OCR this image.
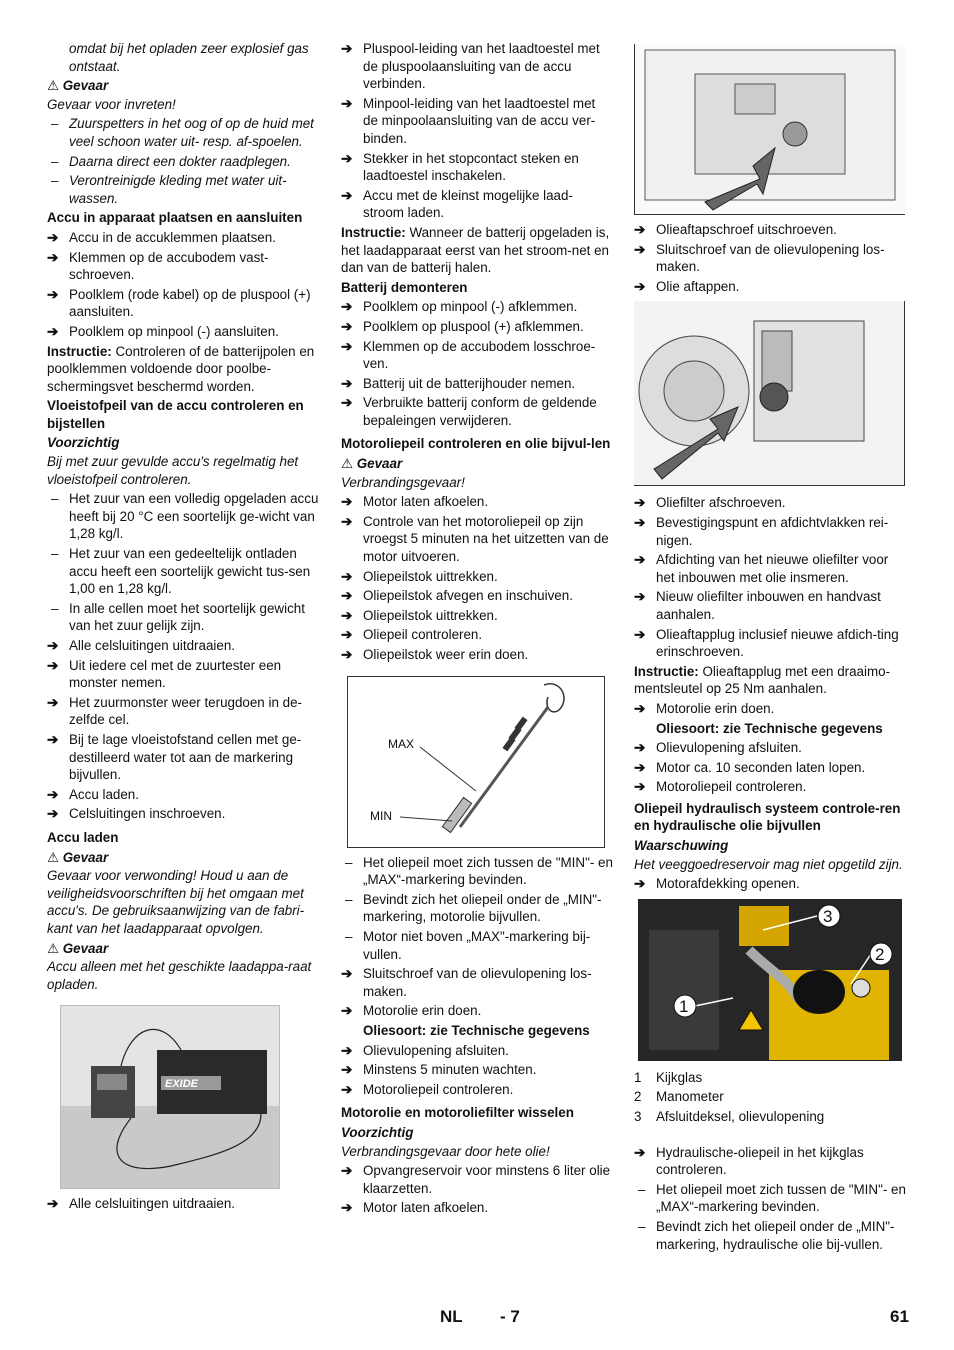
omdat bij het opladen zeer explosief gas ontstaat.
⚠ Gevaar
Gevaar voor invreten!
– Zuurspetters in het oog of op de huid met veel schoon water uit- resp. af-spoelen.
– Daarna direct een dokter raadplegen.
– Verontreinigde kleding met water uit-wassen.
Accu in apparaat plaatsen en aansluiten
➔ Accu in de accuklemmen plaatsen.
➔ Klemmen op de accubodem vast-schroeven.
➔ Poolklem (rode kabel) op de pluspool (+) aansluiten.
➔ Poolklem op minpool (-) aansluiten.
Instructie: Controleren of de batterijpolen en poolklemmen voldoende door poolbe-schermingsvet beschermd worden.
Vloeistofpeil van de accu controleren en bijstellen
Voorzichtig
Bij met zuur gevulde accu's regelmatig het vloeistofpeil controleren.
– Het zuur van een volledig opgeladen accu heeft bij 20 °C een soortelijk ge-wicht van 1,28 kg/l.
– Het zuur van een gedeeltelijk ontladen accu heeft een soortelijk gewicht tus-sen 1,00 en 1,28 kg/l.
– In alle cellen moet het soortelijk gewicht van het zuur gelijk zijn.
➔ Alle celsluitingen uitdraaien.
➔ Uit iedere cel met de zuurtester een monster nemen.
➔ Het zuurmonster weer terugdoen in de-zelfde cel.
➔ Bij te lage vloeistofstand cellen met ge-destilleerd water tot aan de markering bijvullen.
➔ Accu laden.
➔ Celsluitingen inschroeven.
Accu laden
⚠ Gevaar
Gevaar voor verwonding! Houd u aan de veiligheidsvoorschriften bij het omgaan met accu's. De gebruiksaanwijzing van de fabri-kant van het laadapparaat opvolgen.
⚠ Gevaar
Accu alleen met het geschikte laadappa-raat opladen.
EXIDE
➔ Alle celsluitingen uitdraaien.
➔ Pluspool-leiding van het laadtoestel met de pluspoolaansluiting van de accu verbinden.
➔ Minpool-leiding van het laadtoestel met de minpoolaansluiting van de accu ver-binden.
➔ Stekker in het stopcontact steken en laadtoestel inschakelen.
➔ Accu met de kleinst mogelijke laad-stroom laden.
Instructie: Wanneer de batterij opgeladen is, het laadapparaat eerst van het stroom-net en dan van de batterij halen.
Batterij demonteren
➔ Poolklem op minpool (-) afklemmen.
➔ Poolklem op pluspool (+) afklemmen.
➔ Klemmen op de accubodem losschroe-ven.
➔ Batterij uit de batterijhouder nemen.
➔ Verbruikte batterij conform de geldende bepaleingen verwijderen.
Motoroliepeil controleren en olie bijvul-len
⚠ Gevaar
Verbrandingsgevaar!
➔ Motor laten afkoelen.
➔ Controle van het motoroliepeil op zijn vroegst 5 minuten na het uitzetten van de motor uitvoeren.
➔ Oliepeilstok uittrekken.
➔ Oliepeilstok afvegen en inschuiven.
➔ Oliepeilstok uittrekken.
➔ Oliepeil controleren.
➔ Oliepeilstok weer erin doen.
MAX
MIN
– Het oliepeil moet zich tussen de "MIN"- en „MAX“-markering bevinden.
– Bevindt zich het oliepeil onder de „MIN"-markering, motorolie bijvullen.
– Motor niet boven „MAX"-markering bij-vullen.
➔ Sluitschroef van de olievulopening los-maken.
➔ Motorolie erin doen.
Oliesoort: zie Technische gegevens
➔ Olievulopening afsluiten.
➔ Minstens 5 minuten wachten.
➔ Motoroliepeil controleren.
Motorolie en motoroliefilter wisselen
Voorzichtig
Verbrandingsgevaar door hete olie!
➔ Opvangreservoir voor minstens 6 liter olie klaarzetten.
➔ Motor laten afkoelen.
➔ Olieaftapschroef uitschroeven.
➔ Sluitschroef van de olievulopening los-maken.
➔ Olie aftappen.
➔ Oliefilter afschroeven.
➔ Bevestigingspunt en afdichtvlakken rei-nigen.
➔ Afdichting van het nieuwe oliefilter voor het inbouwen met olie insmeren.
➔ Nieuw oliefilter inbouwen en handvast aanhalen.
➔ Olieaftapplug inclusief nieuwe afdich-ting erinschroeven.
Instructie: Olieaftapplug met een draaimo-mentsleutel op 25 Nm aanhalen.
➔ Motorolie erin doen.
Oliesoort: zie Technische gegevens
➔ Olievulopening afsluiten.
➔ Motor ca. 10 seconden laten lopen.
➔ Motoroliepeil controleren.
Oliepeil hydraulisch systeem controle-ren en hydraulische olie bijvullen
Waarschuwing
Het veeggoedreservoir mag niet opgetild zijn.
➔ Motorafdekking openen.
1
2
3
1	Kijkglas
2	Manometer
3	Afsluitdeksel, olievulopening
➔ Hydraulische-oliepeil in het kijkglas controleren.
– Het oliepeil moet zich tussen de "MIN"- en „MAX“-markering bevinden.
– Bevindt zich het oliepeil onder de „MIN"-markering, hydraulische olie bij-vullen.
NL - 7	61
